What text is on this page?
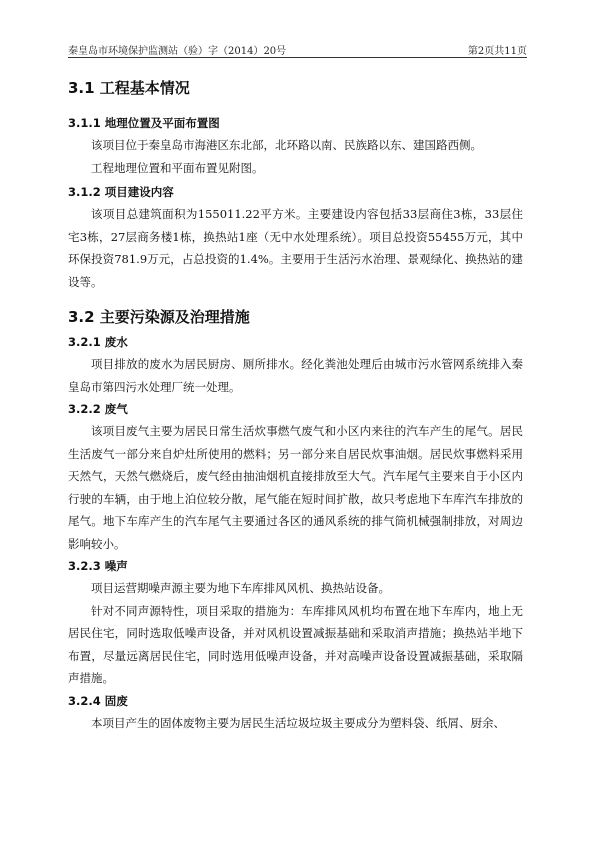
秦皇岛市环境保护监测站（验）字（2014）20号	第2页共11页
3.1 工程基本情况
3.1.1 地理位置及平面布置图

该项目位于秦皇岛市海港区东北部，北环路以南、民族路以东、建国路西侧。

工程地理位置和平面布置见附图。

3.1.2 项目建设内容

该项目总建筑面积为155011.22平方米。主要建设内容包括33层商住3栋，33层住宅3栋，27层商务楼1栋，换热站1座（无中水处理系统）。项目总投资55455万元，其中环保投资781.9万元，占总投资的1.4%。主要用于生活污水治理、景观绿化、换热站的建设等。

3.2 主要污染源及治理措施
3.2.1 废水

项目排放的废水为居民厨房、厕所排水。经化粪池处理后由城市污水管网系统排入秦皇岛市第四污水处理厂统一处理。

3.2.2 废气

该项目废气主要为居民日常生活炊事燃气废气和小区内来往的汽车产生的尾气。居民生活废气一部分来自炉灶所使用的燃料；另一部分来自居民炊事油烟。居民炊事燃料采用天然气，天然气燃烧后，废气经由抽油烟机直接排放至大气。汽车尾气主要来自于小区内行驶的车辆，由于地上泊位较分散，尾气能在短时间扩散，故只考虑地下车库汽车排放的尾气。地下车库产生的汽车尾气主要通过各区的通风系统的排气筒机械强制排放，对周边影响较小。

3.2.3 噪声

项目运营期噪声源主要为地下车库排风风机、换热站设备。

针对不同声源特性，项目采取的措施为：车库排风风机均布置在地下车库内，地上无居民住宅，同时选取低噪声设备，并对风机设置减振基础和采取消声措施；换热站半地下布置，尽量远离居民住宅，同时选用低噪声设备，并对高噪声设备设置减振基础，采取隔声措施。

3.2.4 固废

本项目产生的固体废物主要为居民生活垃圾垃圾主要成分为塑料袋、纸屑、厨余、
